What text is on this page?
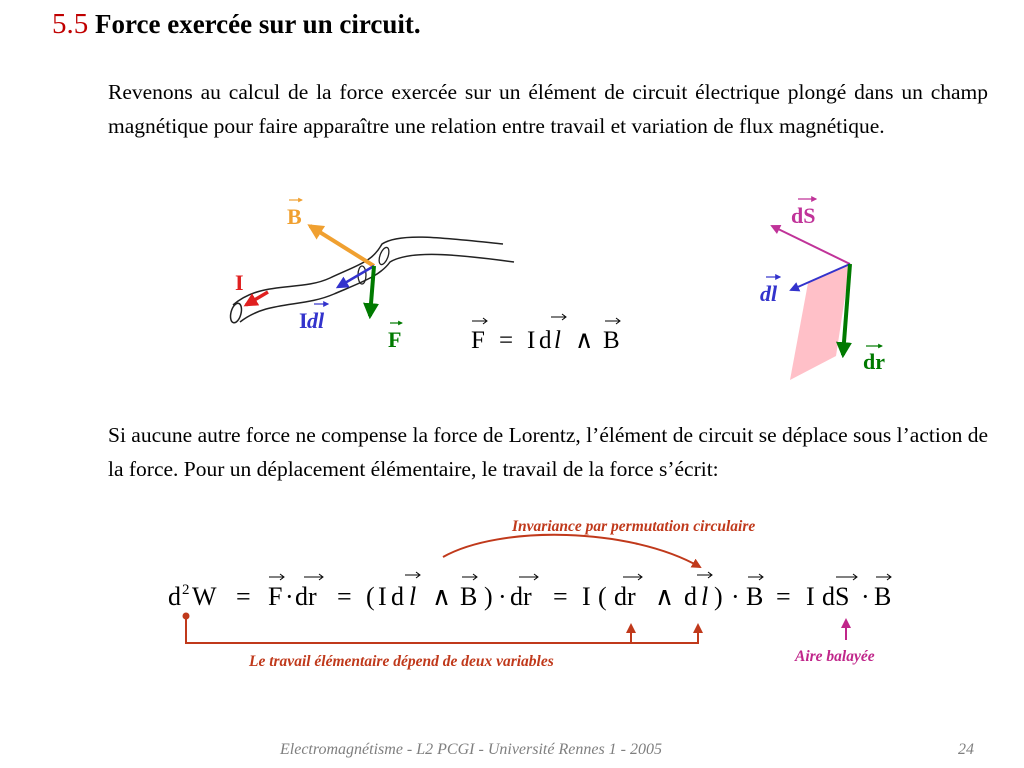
5.5 Force exercée sur un circuit.
Revenons au calcul de la force exercée sur un élément de circuit électrique plongé dans un champ magnétique pour faire apparaître une relation entre travail et variation de flux magnétique.
Si aucune autre force ne compense la force de Lorentz, l’élément de circuit se déplace sous l’action de la force. Pour un déplacement élémentaire, le travail de la force s’écrit:
B
I
I dl
F	F = I d l ∧ B
dS
dl
dr
d 2 W = F · dr = ( I d l ∧ B ) · dr = I ( dr ∧ d l ) · B = I dS · B
Invariance par permutation circulaire
Le travail élémentaire dépend de deux variables	Aire balayée
Electromagnétisme - L2 PCGI - Université Rennes 1 - 2005	24
